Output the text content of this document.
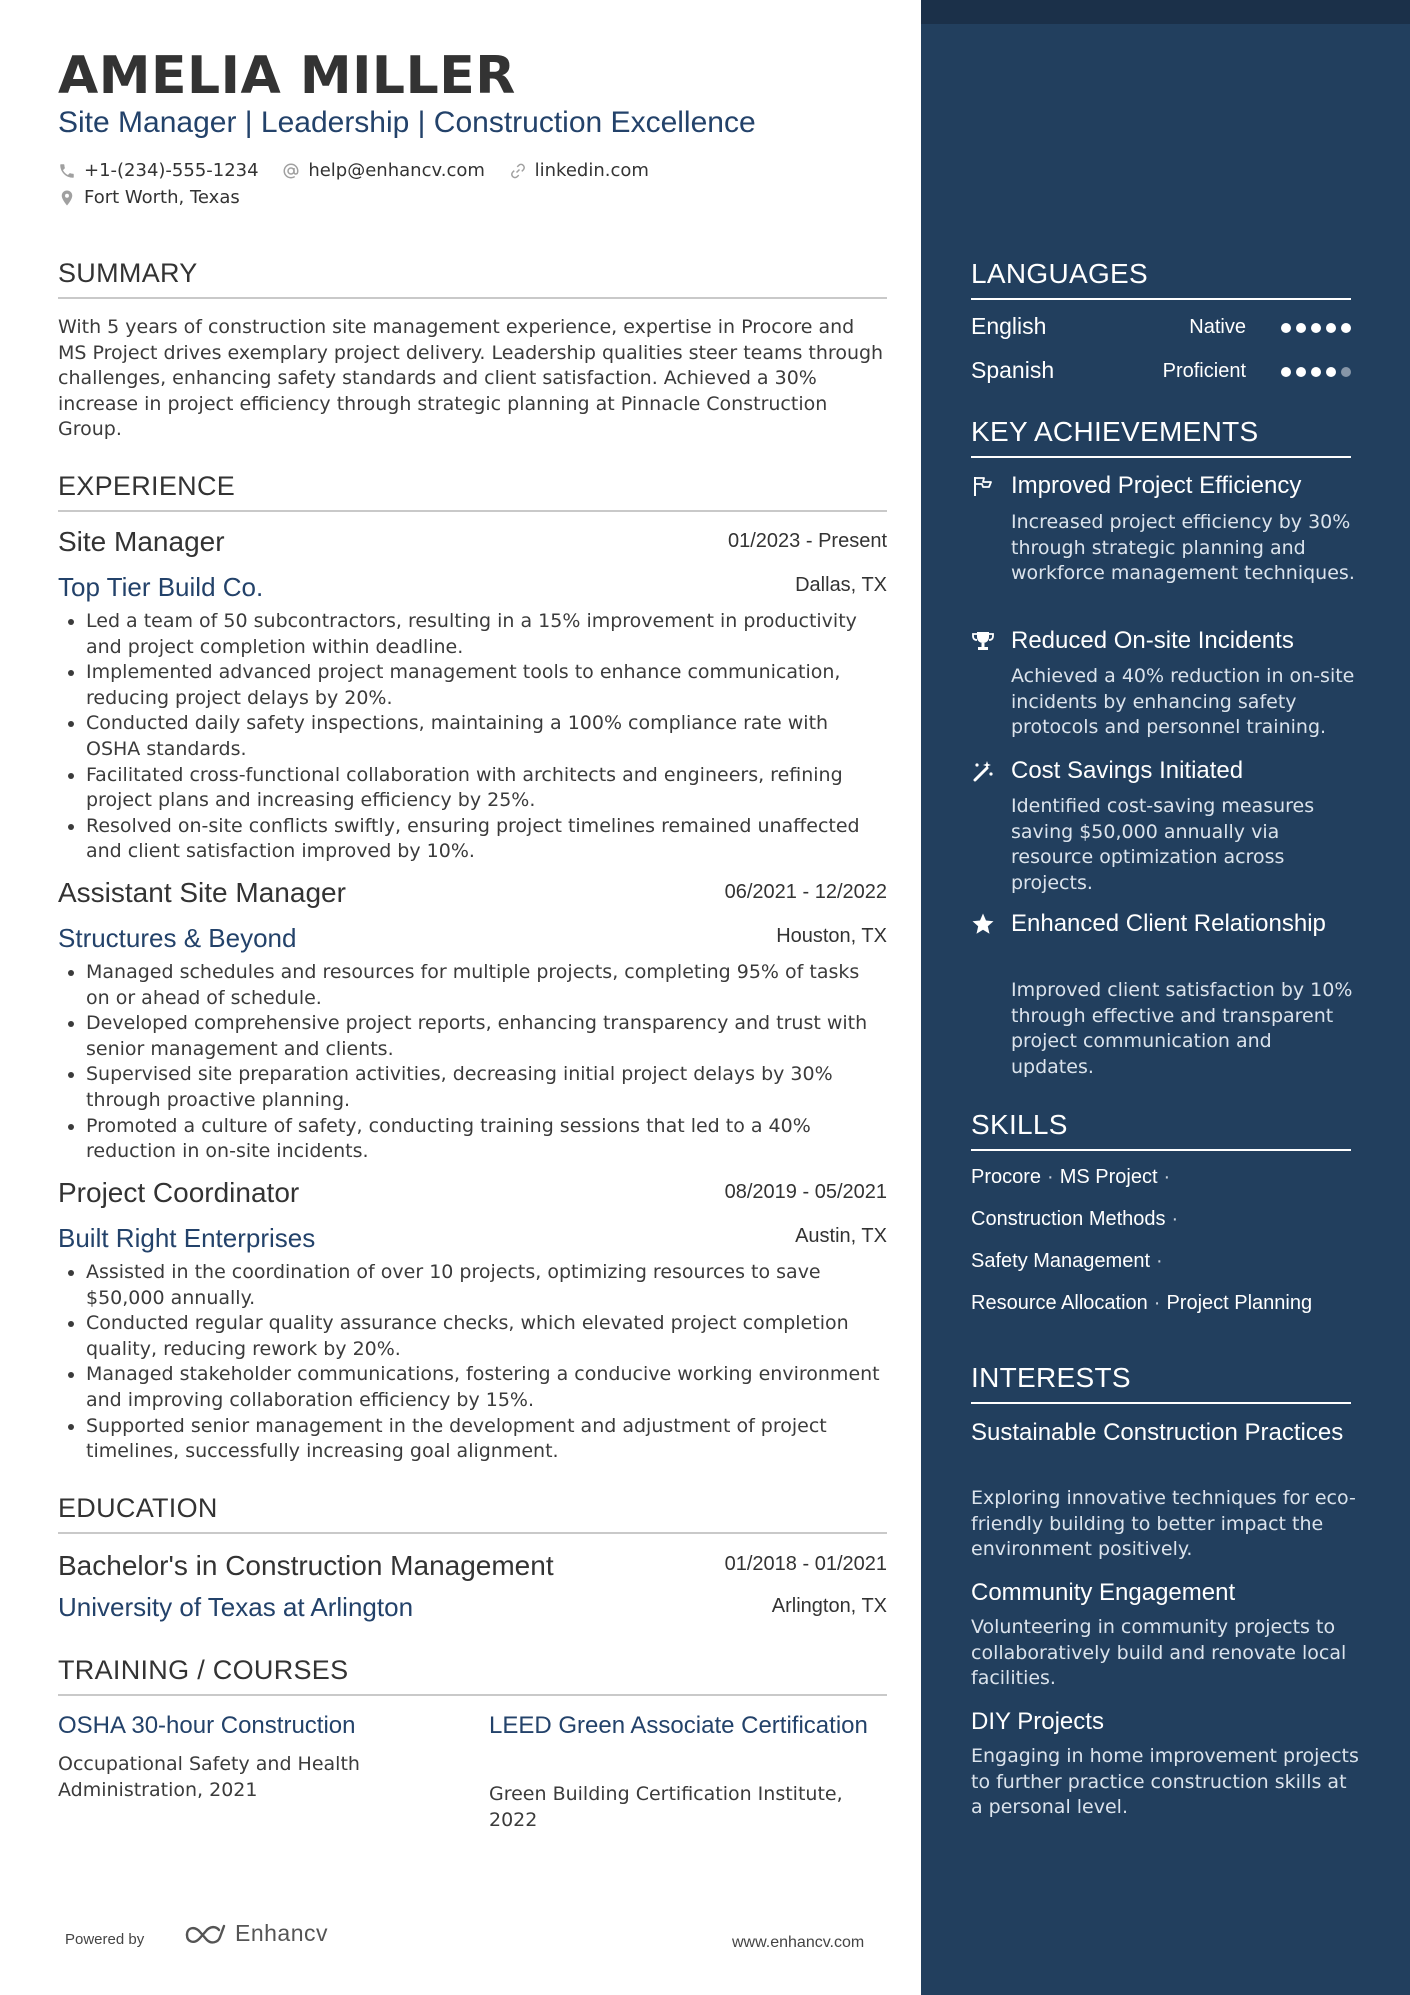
LANGUAGES
English	Native
Spanish	Proficient
KEY ACHIEVEMENTS
Improved Project Efficiency
Increased project efficiency by 30% through strategic planning and workforce management techniques.
Reduced On-site Incidents
Achieved a 40% reduction in on-site incidents by enhancing safety protocols and personnel training.
Cost Savings Initiated
Identified cost-saving measures saving $50,000 annually via resource optimization across projects.
Enhanced Client Relationship
Improved client satisfaction by 10% through effective and transparent project communication and updates.
SKILLS
Procore · MS Project ·
Construction Methods ·
Safety Management ·
Resource Allocation · Project Planning
INTERESTS
Sustainable Construction Practices
Exploring innovative techniques for eco-friendly building to better impact the environment positively.
Community Engagement
Volunteering in community projects to collaboratively build and renovate local facilities.
DIY Projects
Engaging in home improvement projects to further practice construction skills at a personal level.
AMELIA MILLER
Site Manager | Leadership | Construction Excellence
+1-(234)-555-1234
	help@enhancv.com
	linkedin.com
Fort Worth, Texas
SUMMARY

With 5 years of construction site management experience, expertise in Procore and MS Project drives exemplary project delivery. Leadership qualities steer teams through challenges, enhancing safety standards and client satisfaction. Achieved a 30% increase in project efficiency through strategic planning at Pinnacle Construction Group.

EXPERIENCE
Site Manager	01/2023 - Present
Top Tier Build Co.	Dallas, TX
• Led a team of 50 subcontractors, resulting in a 15% improvement in productivity and project completion within deadline.
• Implemented advanced project management tools to enhance communication, reducing project delays by 20%.
• Conducted daily safety inspections, maintaining a 100% compliance rate with OSHA standards.
• Facilitated cross-functional collaboration with architects and engineers, refining project plans and increasing efficiency by 25%.
• Resolved on-site conflicts swiftly, ensuring project timelines remained unaffected and client satisfaction improved by 10%.
Assistant Site Manager	06/2021 - 12/2022
Structures & Beyond	Houston, TX
• Managed schedules and resources for multiple projects, completing 95% of tasks on or ahead of schedule.
• Developed comprehensive project reports, enhancing transparency and trust with senior management and clients.
• Supervised site preparation activities, decreasing initial project delays by 30% through proactive planning.
• Promoted a culture of safety, conducting training sessions that led to a 40% reduction in on-site incidents.
Project Coordinator	08/2019 - 05/2021
Built Right Enterprises	Austin, TX
• Assisted in the coordination of over 10 projects, optimizing resources to save $50,000 annually.
• Conducted regular quality assurance checks, which elevated project completion quality, reducing rework by 20%.
• Managed stakeholder communications, fostering a conducive working environment and improving collaboration efficiency by 15%.
• Supported senior management in the development and adjustment of project timelines, successfully increasing goal alignment.
EDUCATION
Bachelor's in Construction Management	01/2018 - 01/2021
University of Texas at Arlington	Arlington, TX
TRAINING / COURSES
OSHA 30-hour Construction
Occupational Safety and Health Administration, 2021
LEED Green Associate Certification
Green Building Certification Institute, 2022
Powered by	Enhancv	www.enhancv.com
